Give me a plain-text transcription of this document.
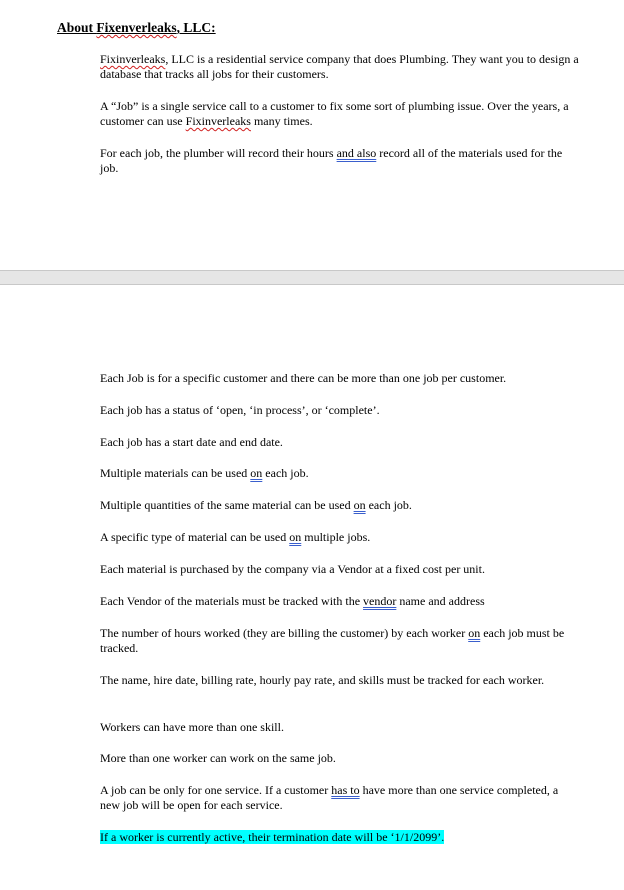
About Fixenverleaks, LLC:

Fixinverleaks, LLC is a residential service company that does Plumbing. They want you to design a database that tracks all jobs for their customers.

A “Job” is a single service call to a customer to fix some sort of plumbing issue. Over the years, a customer can use Fixinverleaks many times.

For each job, the plumber will record their hours and also record all of the materials used for the job.

Each Job is for a specific customer and there can be more than one job per customer.

Each job has a status of ‘open, ‘in process’, or ‘complete’.

Each job has a start date and end date.

Multiple materials can be used on each job.

Multiple quantities of the same material can be used on each job.

A specific type of material can be used on multiple jobs.

Each material is purchased by the company via a Vendor at a fixed cost per unit.

Each Vendor of the materials must be tracked with the vendor name and address

The number of hours worked (they are billing the customer) by each worker on each job must be tracked.

The name, hire date, billing rate, hourly pay rate, and skills must be tracked for each worker.

Workers can have more than one skill.

More than one worker can work on the same job.

A job can be only for one service. If a customer has to have more than one service completed, a new job will be open for each service.

If a worker is currently active, their termination date will be ‘1/1/2099’.
